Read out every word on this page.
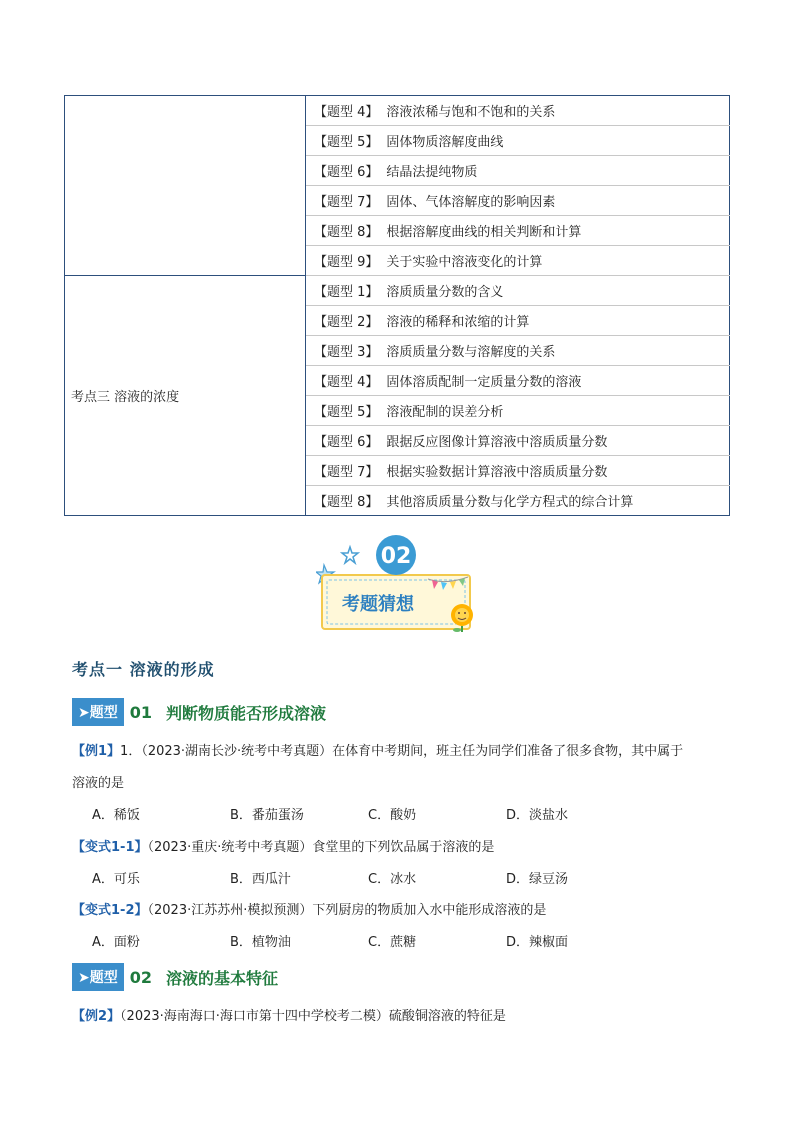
	【题型 4】 溶液浓稀与饱和不饱和的关系
	【题型 5】 固体物质溶解度曲线
	【题型 6】 结晶法提纯物质
	【题型 7】 固体、气体溶解度的影响因素
	【题型 8】 根据溶解度曲线的相关判断和计算
	【题型 9】 关于实验中溶液变化的计算
考点三 溶液的浓度	【题型 1】 溶质质量分数的含义
	【题型 2】 溶液的稀释和浓缩的计算
	【题型 3】 溶质质量分数与溶解度的关系
	【题型 4】 固体溶质配制一定质量分数的溶液
	【题型 5】 溶液配制的误差分析
	【题型 6】 跟据反应图像计算溶液中溶质质量分数
	【题型 7】 根据实验数据计算溶液中溶质质量分数
	【题型 8】 其他溶质质量分数与化学方程式的综合计算
02
考题猜想
考点一 溶液的形成
➤题型 01 判断物质能否形成溶液
【例1】1．（2023·湖南长沙·统考中考真题）在体育中考期间，班主任为同学们准备了很多食物，其中属于
溶液的是
A．稀饭	B．番茄蛋汤	C．酸奶	D．淡盐水
【变式1-1】（2023·重庆·统考中考真题）食堂里的下列饮品属于溶液的是
A．可乐	B．西瓜汁	C．冰水	D．绿豆汤
【变式1-2】（2023·江苏苏州·模拟预测）下列厨房的物质加入水中能形成溶液的是
A．面粉	B．植物油	C．蔗糖	D．辣椒面
➤题型 02 溶液的基本特征
【例2】（2023·海南海口·海口市第十四中学校考二模）硫酸铜溶液的特征是
